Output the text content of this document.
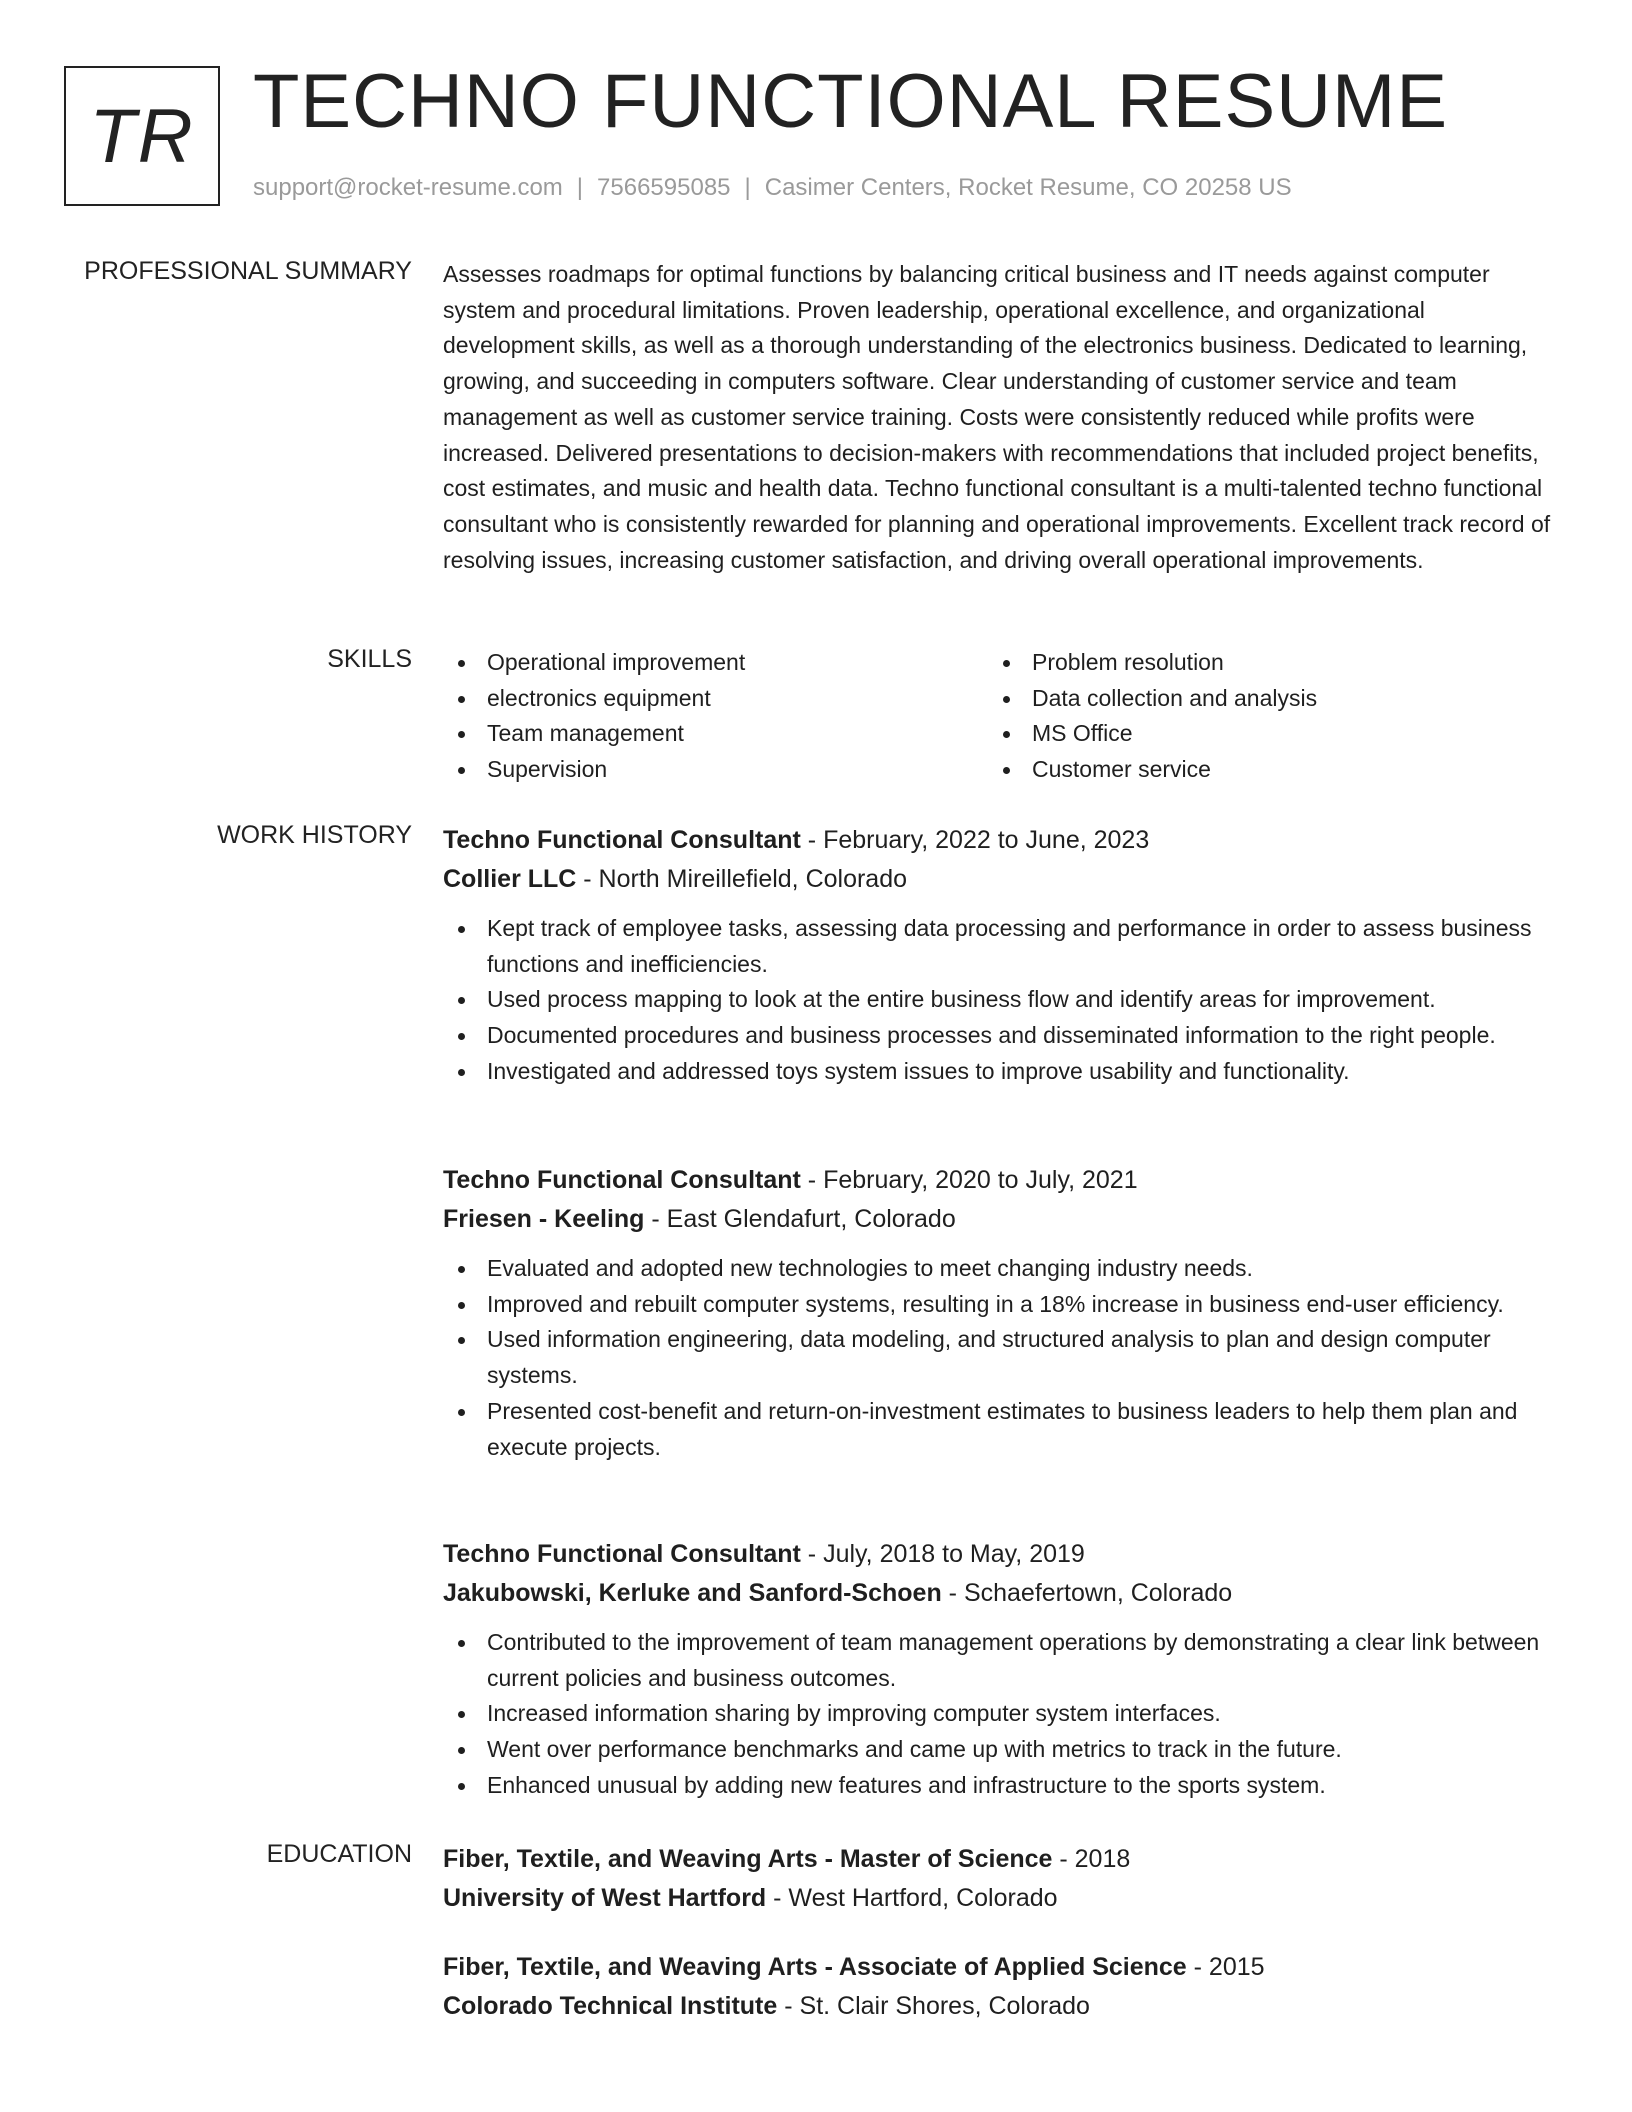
TR TECHNO FUNCTIONAL RESUME
support@rocket-resume.com | 7566595085 | Casimer Centers, Rocket Resume, CO 20258 US
PROFESSIONAL SUMMARY Assesses roadmaps for optimal functions by balancing critical business and IT needs against computer system and procedural limitations. Proven leadership, operational excellence, and organizational development skills, as well as a thorough understanding of the electronics business. Dedicated to learning, growing, and succeeding in computers software. Clear understanding of customer service and team management as well as customer service training. Costs were consistently reduced while profits were increased. Delivered presentations to decision-makers with recommendations that included project benefits, cost estimates, and music and health data. Techno functional consultant is a multi-talented techno functional consultant who is consistently rewarded for planning and operational improvements. Excellent track record of resolving issues, increasing customer satisfaction, and driving overall operational improvements.

SKILLS	Operational improvement
electronics equipment
Team management
Supervision
Problem resolution
Data collection and analysis
MS Office
Customer service
WORK HISTORY Techno Functional Consultant - February, 2022 to June, 2023
Collier LLC - North Mireillefield, Colorado
Kept track of employee tasks, assessing data processing and performance in order to assess business functions and inefficiencies.
Used process mapping to look at the entire business flow and identify areas for improvement.
Documented procedures and business processes and disseminated information to the right people.
Investigated and addressed toys system issues to improve usability and functionality.
Techno Functional Consultant - February, 2020 to July, 2021
Friesen - Keeling - East Glendafurt, Colorado
Evaluated and adopted new technologies to meet changing industry needs.
Improved and rebuilt computer systems, resulting in a 18% increase in business end-user efficiency.
Used information engineering, data modeling, and structured analysis to plan and design computer systems.
Presented cost-benefit and return-on-investment estimates to business leaders to help them plan and execute projects.
Techno Functional Consultant - July, 2018 to May, 2019
Jakubowski, Kerluke and Sanford-Schoen - Schaefertown, Colorado
Contributed to the improvement of team management operations by demonstrating a clear link between current policies and business outcomes.
Increased information sharing by improving computer system interfaces.
Went over performance benchmarks and came up with metrics to track in the future.
Enhanced unusual by adding new features and infrastructure to the sports system.
EDUCATION Fiber, Textile, and Weaving Arts - Master of Science - 2018
University of West Hartford - West Hartford, Colorado
Fiber, Textile, and Weaving Arts - Associate of Applied Science - 2015
Colorado Technical Institute - St. Clair Shores, Colorado
